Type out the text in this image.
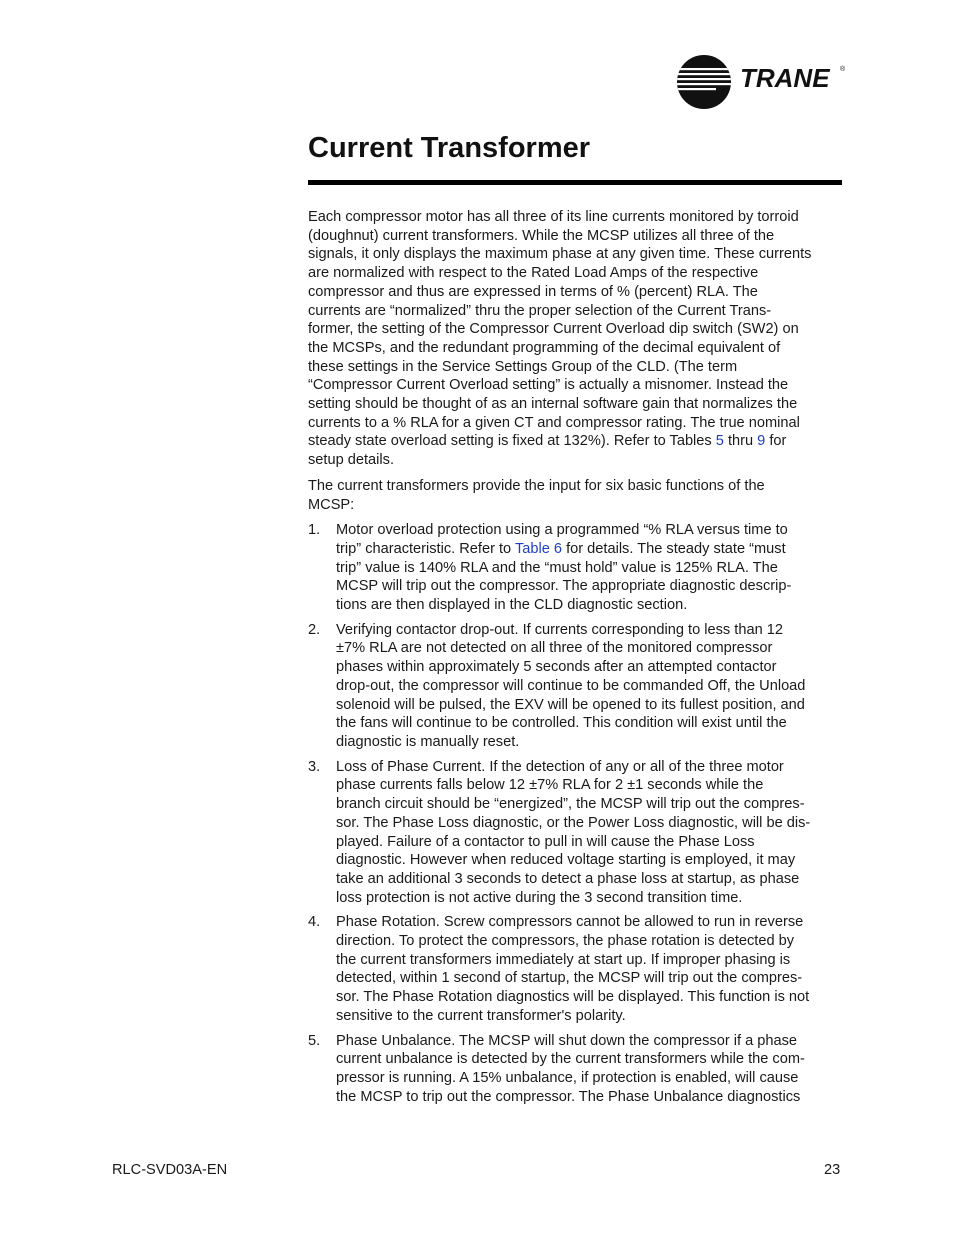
TRANE ®
Current Transformer

Each compressor motor has all three of its line currents monitored by torroid
(doughnut) current transformers. While the MCSP utilizes all three of the
signals, it only displays the maximum phase at any given time. These currents
are normalized with respect to the Rated Load Amps of the respective
compressor and thus are expressed in terms of % (percent) RLA. The
currents are “normalized” thru the proper selection of the Current Trans-
former, the setting of the Compressor Current Overload dip switch (SW2) on
the MCSPs, and the redundant programming of the decimal equivalent of
these settings in the Service Settings Group of the CLD. (The term
“Compressor Current Overload setting” is actually a misnomer. Instead the
setting should be thought of as an internal software gain that normalizes the
currents to a % RLA for a given CT and compressor rating. The true nominal
steady state overload setting is fixed at 132%). Refer to Tables 5 thru 9 for
setup details.

The current transformers provide the input for six basic functions of the
MCSP:

1. Motor overload protection using a programmed “% RLA versus time to
trip” characteristic. Refer to Table 6 for details. The steady state “must
trip” value is 140% RLA and the “must hold” value is 125% RLA. The
MCSP will trip out the compressor. The appropriate diagnostic descrip-
tions are then displayed in the CLD diagnostic section.
2. Verifying contactor drop-out. If currents corresponding to less than 12
±7% RLA are not detected on all three of the monitored compressor
phases within approximately 5 seconds after an attempted contactor
drop-out, the compressor will continue to be commanded Off, the Unload
solenoid will be pulsed, the EXV will be opened to its fullest position, and
the fans will continue to be controlled. This condition will exist until the
diagnostic is manually reset.
3. Loss of Phase Current. If the detection of any or all of the three motor
phase currents falls below 12 ±7% RLA for 2 ±1 seconds while the
branch circuit should be “energized”, the MCSP will trip out the compres-
sor. The Phase Loss diagnostic, or the Power Loss diagnostic, will be dis-
played. Failure of a contactor to pull in will cause the Phase Loss
diagnostic. However when reduced voltage starting is employed, it may
take an additional 3 seconds to detect a phase loss at startup, as phase
loss protection is not active during the 3 second transition time.
4. Phase Rotation. Screw compressors cannot be allowed to run in reverse
direction. To protect the compressors, the phase rotation is detected by
the current transformers immediately at start up. If improper phasing is
detected, within 1 second of startup, the MCSP will trip out the compres-
sor. The Phase Rotation diagnostics will be displayed. This function is not
sensitive to the current transformer's polarity.
5. Phase Unbalance. The MCSP will shut down the compressor if a phase
current unbalance is detected by the current transformers while the com-
pressor is running. A 15% unbalance, if protection is enabled, will cause
the MCSP to trip out the compressor. The Phase Unbalance diagnostics
RLC-SVD03A-EN	23
